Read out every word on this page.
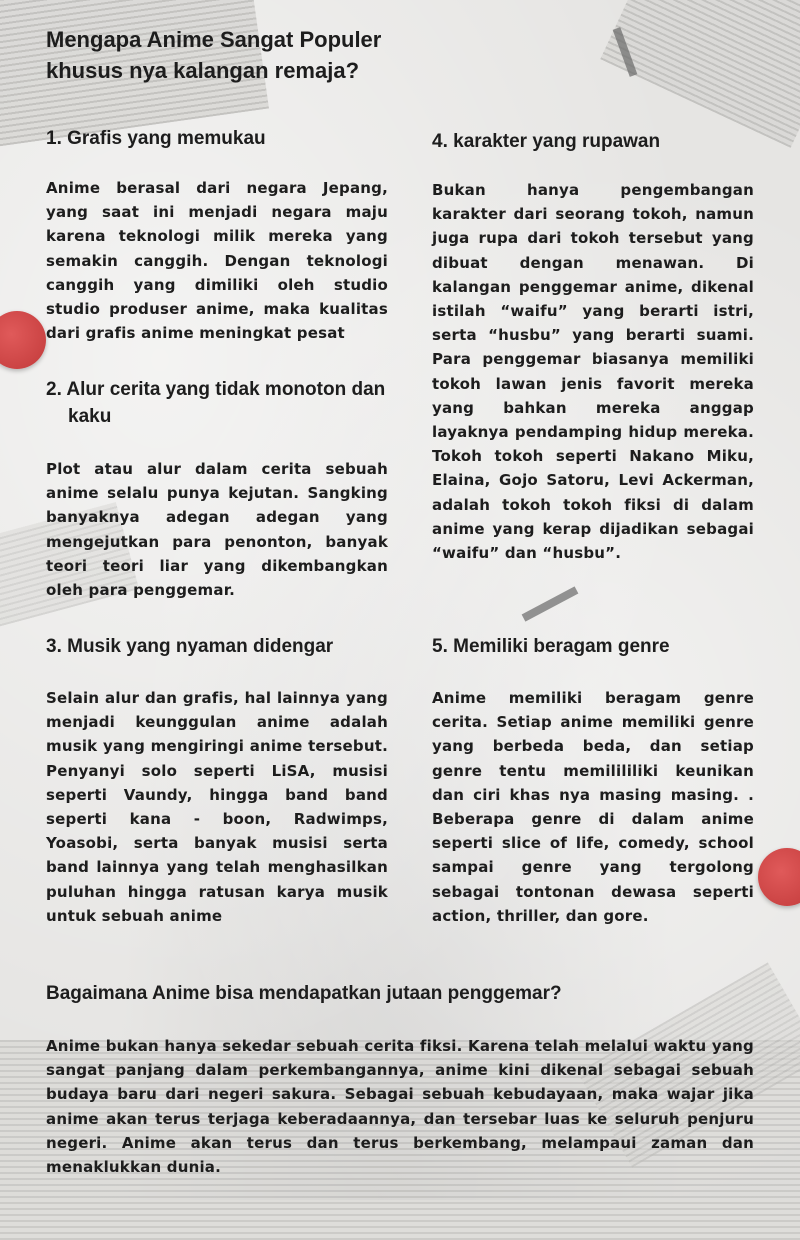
Mengapa Anime Sangat Populer khusus nya kalangan remaja?
1. Grafis yang memukau

Anime berasal dari negara Jepang, yang saat ini menjadi negara maju karena teknologi milik mereka yang semakin canggih. Dengan teknologi canggih yang dimiliki oleh studio studio produser anime, maka kualitas dari grafis anime meningkat pesat

2. Alur cerita yang tidak monoton dan kaku

Plot atau alur dalam cerita sebuah anime selalu punya kejutan. Sangking banyaknya adegan adegan yang mengejutkan para penonton, banyak teori teori liar yang dikembangkan oleh para penggemar.

3. Musik yang nyaman didengar

Selain alur dan grafis, hal lainnya yang menjadi keunggulan anime adalah musik yang mengiringi anime tersebut. Penyanyi solo seperti LiSA, musisi seperti Vaundy, hingga band band seperti kana - boon, Radwimps, Yoasobi, serta banyak musisi serta band lainnya yang telah menghasilkan puluhan hingga ratusan karya musik untuk sebuah anime

4. karakter yang rupawan

Bukan hanya pengembangan karakter dari seorang tokoh, namun juga rupa dari tokoh tersebut yang dibuat dengan menawan. Di kalangan penggemar anime, dikenal istilah “waifu” yang berarti istri, serta “husbu” yang berarti suami. Para penggemar biasanya memiliki tokoh lawan jenis favorit mereka yang bahkan mereka anggap layaknya pendamping hidup mereka. Tokoh tokoh seperti Nakano Miku, Elaina, Gojo Satoru, Levi Ackerman, adalah tokoh tokoh fiksi di dalam anime yang kerap dijadikan sebagai “waifu” dan “husbu”.

5. Memiliki beragam genre

Anime memiliki beragam genre cerita. Setiap anime memiliki genre yang berbeda beda, dan setiap genre tentu memilililiki keunikan dan ciri khas nya masing masing. . Beberapa genre di dalam anime seperti slice of life, comedy, school sampai genre yang tergolong sebagai tontonan dewasa seperti action, thriller, dan gore.

Bagaimana Anime bisa mendapatkan jutaan penggemar?

Anime bukan hanya sekedar sebuah cerita fiksi. Karena telah melalui waktu yang sangat panjang dalam perkembangannya, anime kini dikenal sebagai sebuah budaya baru dari negeri sakura. Sebagai sebuah kebudayaan, maka wajar jika anime akan terus terjaga keberadaannya, dan tersebar luas ke seluruh penjuru negeri. Anime akan terus dan terus berkembang, melampaui zaman dan menaklukkan dunia.
